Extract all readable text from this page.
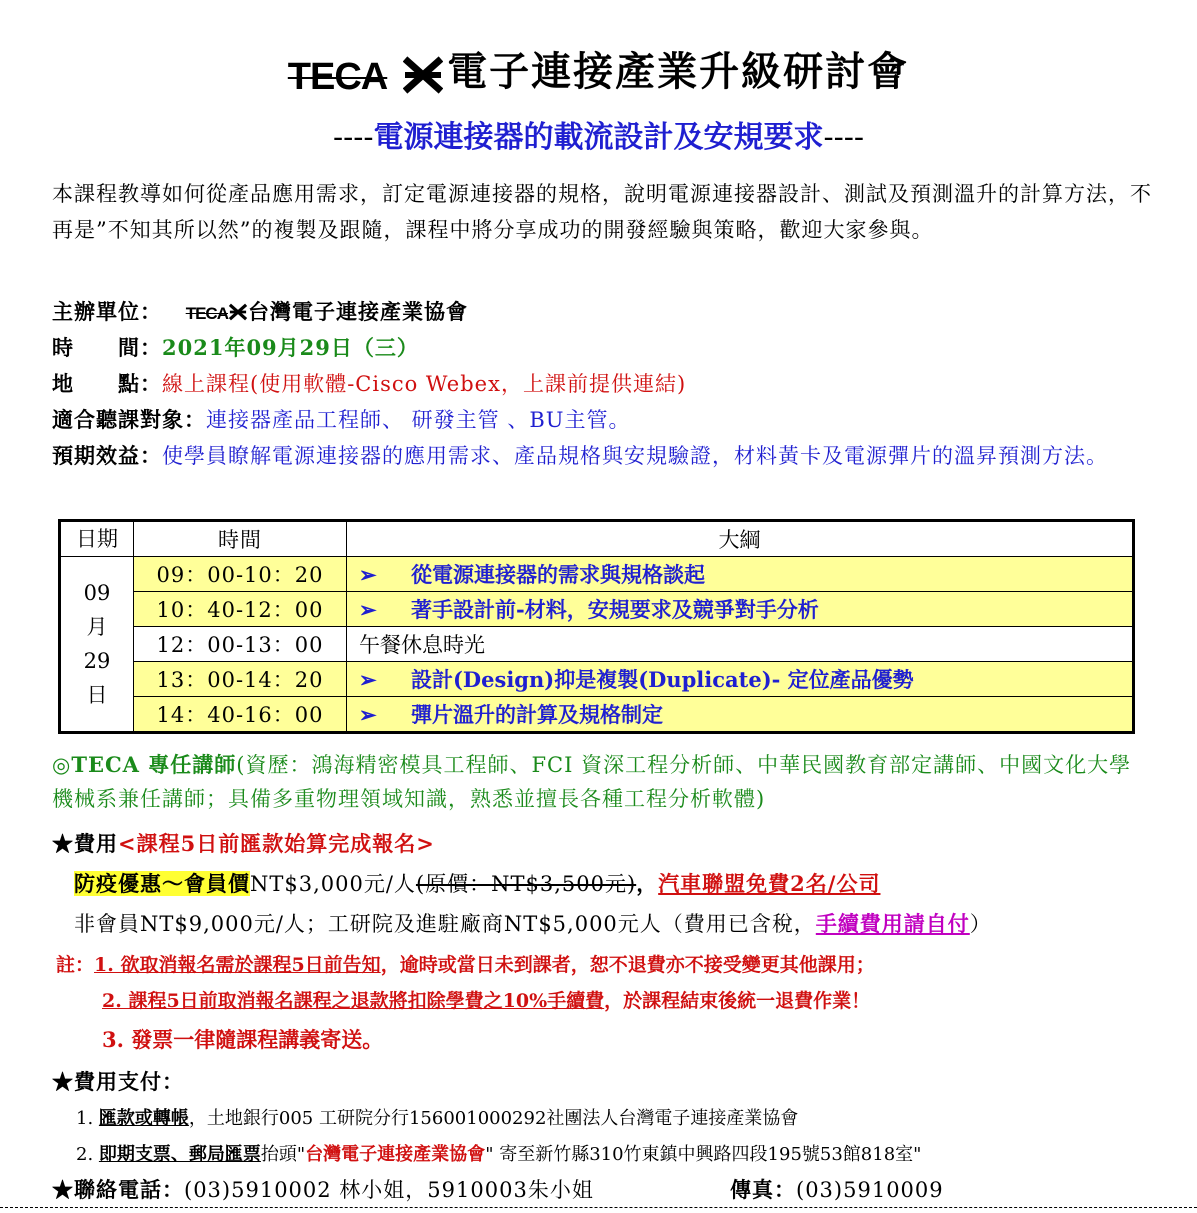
TECA 電子連接產業升級研討會
----電源連接器的載流設計及安規要求----
本課程教導如何從產品應用需求，訂定電源連接器的規格，說明電源連接器設計、測試及預測溫升的計算方法，不再是”不知其所以然”的複製及跟隨，課程中將分享成功的開發經驗與策略，歡迎大家參與。
主辦單位： TECA 台灣電子連接產業協會
時　　間：2021年09月29日（三）
地　　點：線上課程(使用軟體-Cisco Webex，上課前提供連結)
適合聽課對象：連接器產品工程師、 研發主管 、BU主管。
預期效益：使學員瞭解電源連接器的應用需求、產品規格與安規驗證，材料黃卡及電源彈片的溫昇預測方法。
日期	時間	大綱

09
月
29
日	09：00-10：20	➢ 從電源連接器的需求與規格談起
	10：40-12：00	➢ 著手設計前-材料，安規要求及競爭對手分析
	12：00-13：00	午餐休息時光
	13：00-14：20	➢ 設計(Design)抑是複製(Duplicate)- 定位產品優勢
	14：40-16：00	➢ 彈片溫升的計算及規格制定
◎TECA 專任講師(資歷：鴻海精密模具工程師、FCI 資深工程分析師、中華民國教育部定講師、中國文化大學機械系兼任講師；具備多重物理領域知識，熟悉並擅長各種工程分析軟體)
★費用<課程5日前匯款始算完成報名>
防疫優惠～會員價NT$3,000元/人(原價：NT$3,500元)，汽車聯盟免費2名/公司
非會員NT$9,000元/人；工研院及進駐廠商NT$5,000元人（費用已含稅，手續費用請自付）
註：1. 欲取消報名需於課程5日前告知，逾時或當日未到課者，恕不退費亦不接受變更其他課用；
2. 課程5日前取消報名課程之退款將扣除學費之10%手續費，於課程結束後統一退費作業！
3. 發票一律隨課程講義寄送。
★費用支付：
1. 匯款或轉帳，土地銀行005 工研院分行156001000292社團法人台灣電子連接產業協會
2. 即期支票、郵局匯票抬頭"台灣電子連接產業協會" 寄至新竹縣310竹東鎮中興路四段195號53館818室"
★聯絡電話：(03)5910002 林小姐，5910003朱小姐	傳真：(03)5910009
